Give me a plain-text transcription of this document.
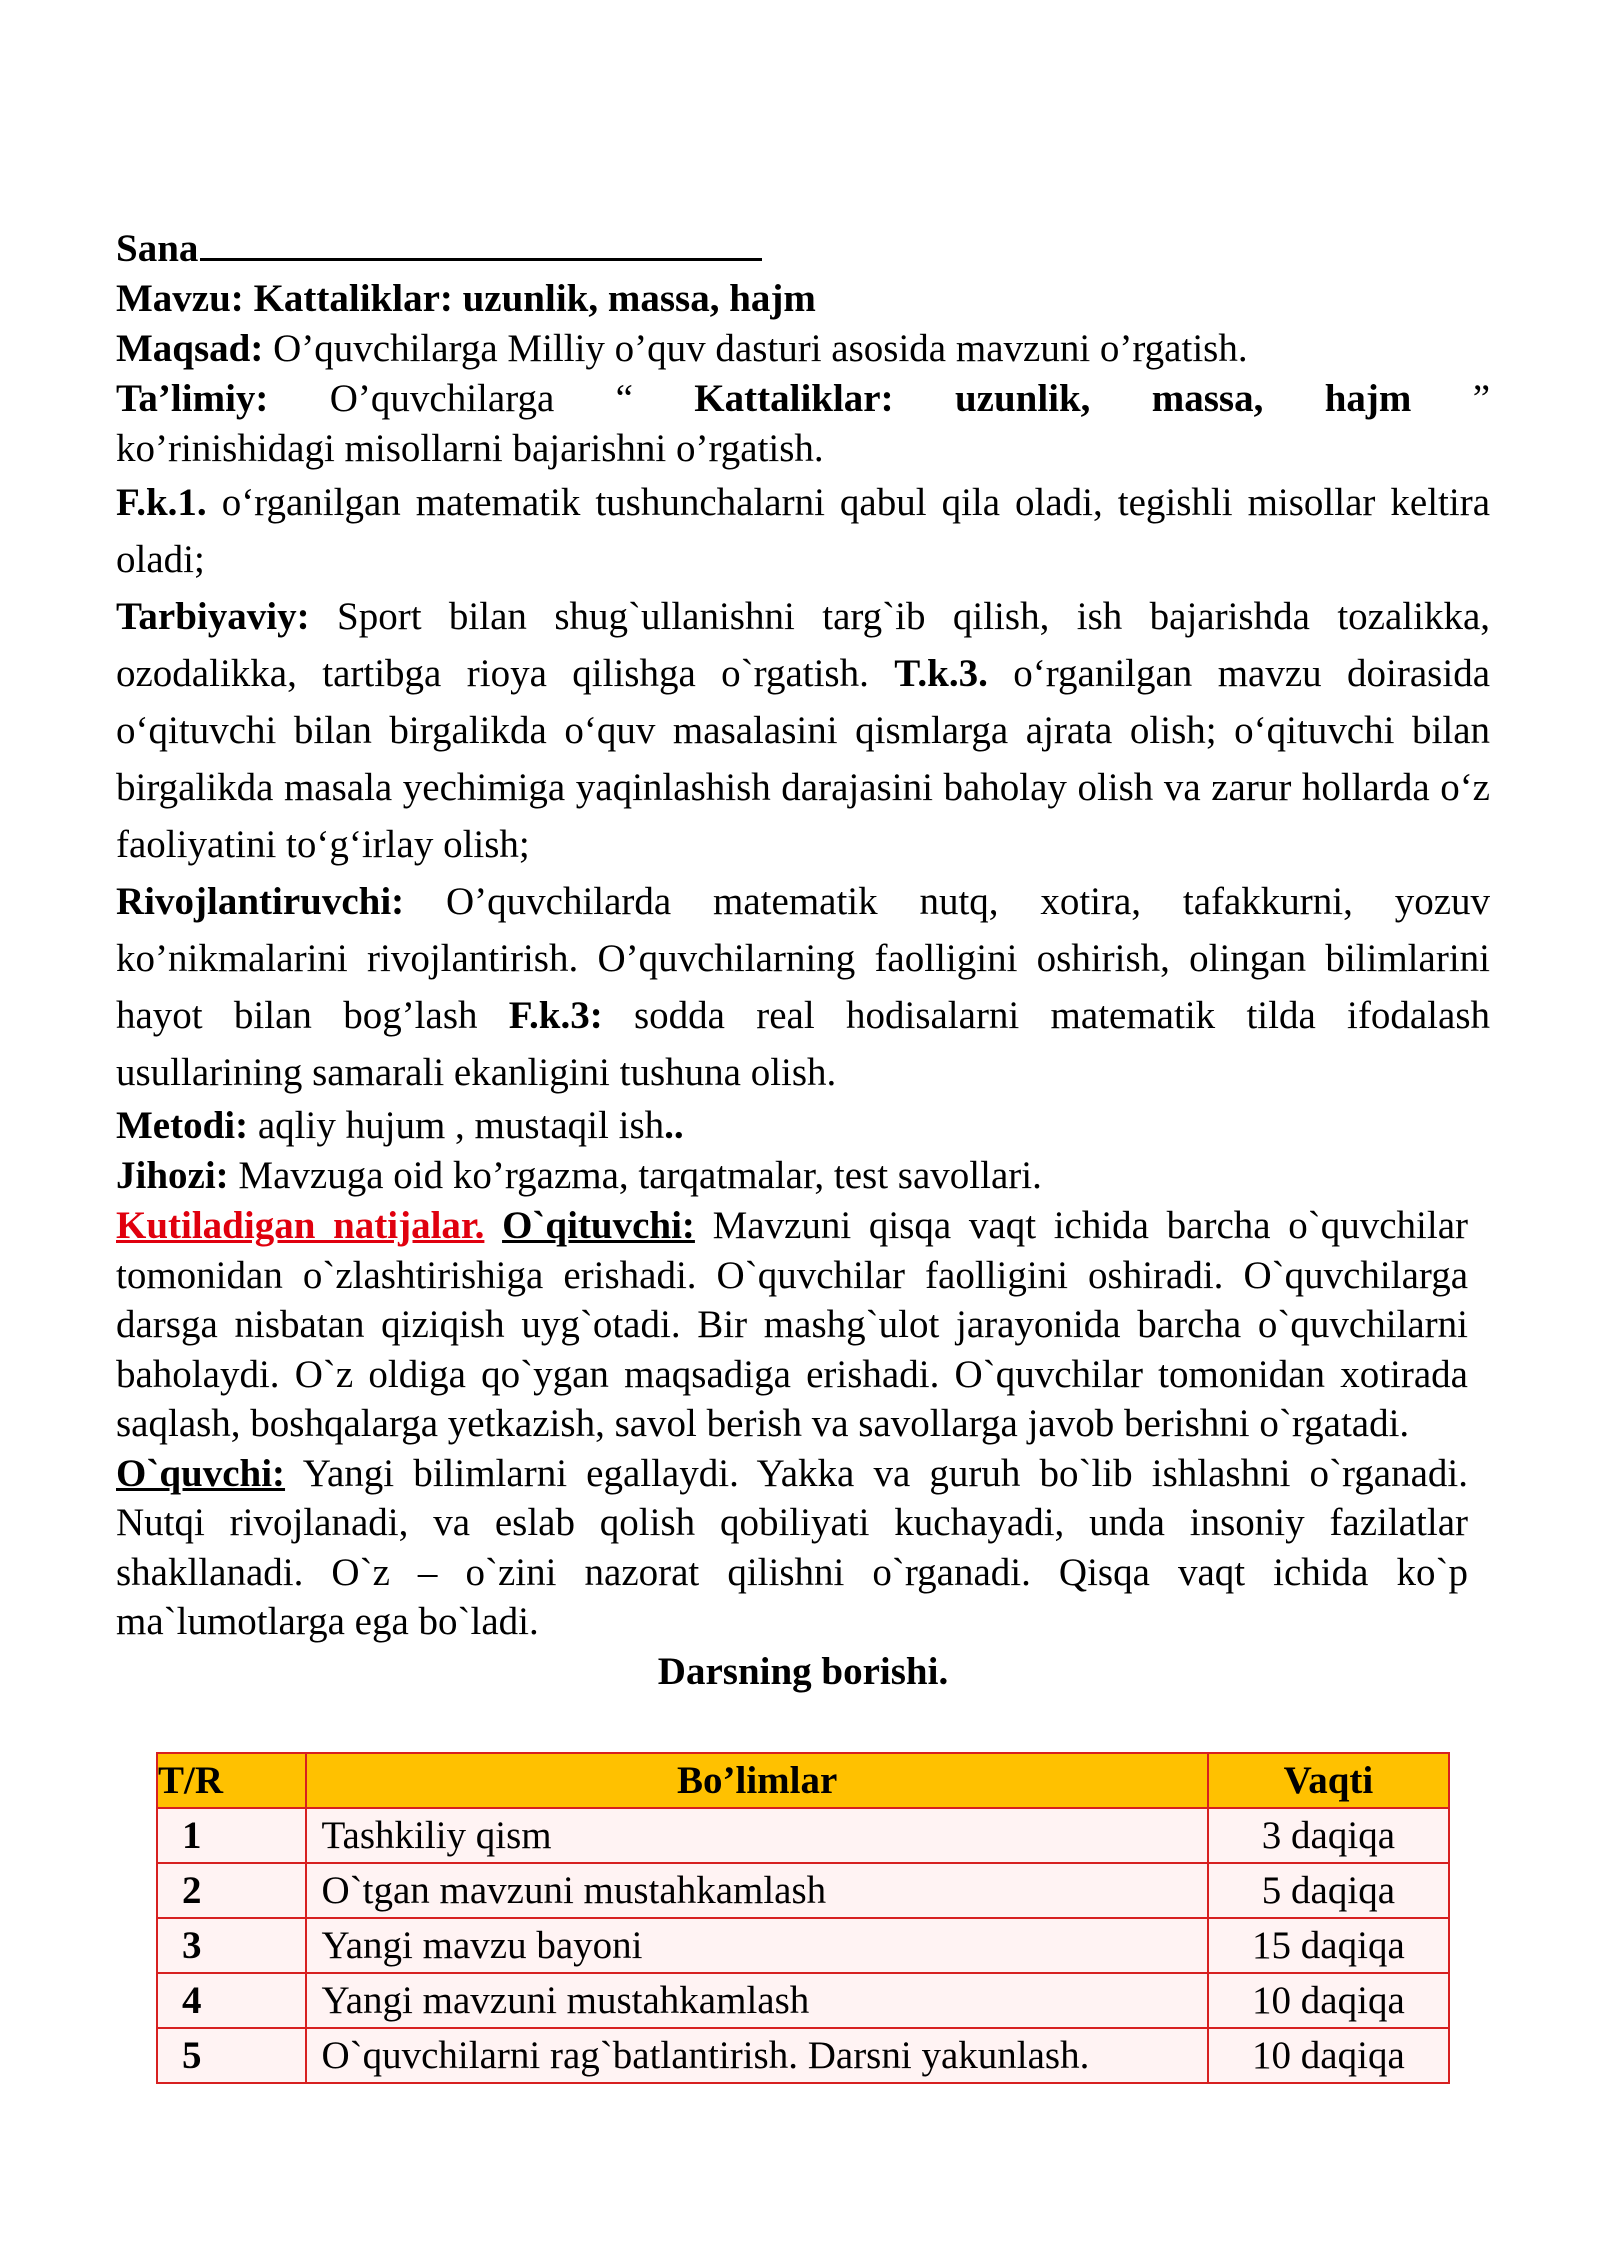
Sana

Mavzu: Kattaliklar: uzunlik, massa, hajm

Maqsad: O’quvchilarga Milliy o’quv dasturi asosida mavzuni o’rgatish.

Ta’limiy: O’quvchilarga “ Kattaliklar: uzunlik, massa, hajm ”

ko’rinishidagi misollarni bajarishni o’rgatish.

F.k.1. o‘rganilgan matematik tushunchalarni qabul qila oladi, tegishli misollar keltira oladi;

Tarbiyaviy: Sport bilan shug`ullanishni targ`ib qilish, ish bajarishda tozalikka, ozodalikka, tartibga rioya qilishga o`rgatish. T.k.3. o‘rganilgan mavzu doirasida o‘qituvchi bilan birgalikda o‘quv masalasini qismlarga ajrata olish; o‘qituvchi bilan birgalikda masala yechimiga yaqinlashish darajasini baholay olish va zarur hollarda o‘z faoliyatini to‘g‘irlay olish;

Rivojlantiruvchi: O’quvchilarda matematik nutq, xotira, tafakkurni, yozuv ko’nikmalarini rivojlantirish. O’quvchilarning faolligini oshirish, olingan bilimlarini hayot bilan bog’lash F.k.3: sodda real hodisalarni matematik tilda ifodalash usullarining samarali ekanligini tushuna olish.

Metodi: aqliy hujum , mustaqil ish..

Jihozi: Mavzuga oid ko’rgazma, tarqatmalar, test savollari.

Kutiladigan natijalar. O`qituvchi: Mavzuni qisqa vaqt ichida barcha o`quvchilar tomonidan o`zlashtirishiga erishadi. O`quvchilar faolligini oshiradi. O`quvchilarga darsga nisbatan qiziqish uyg`otadi. Bir mashg`ulot jarayonida barcha o`quvchilarni baholaydi. O`z oldiga qo`ygan maqsadiga erishadi. O`quvchilar tomonidan xotirada saqlash, boshqalarga yetkazish, savol berish va savollarga javob berishni o`rgatadi.

O`quvchi: Yangi bilimlarni egallaydi. Yakka va guruh bo`lib ishlashni o`rganadi. Nutqi rivojlanadi, va eslab qolish qobiliyati kuchayadi, unda insoniy fazilatlar shakllanadi. O`z – o`zini nazorat qilishni o`rganadi. Qisqa vaqt ichida ko`p ma`lumotlarga ega bo`ladi.

Darsning borishi.

T/R	Bo’limlar	Vaqti
1	Tashkiliy qism	3 daqiqa
2	O`tgan mavzuni mustahkamlash	5 daqiqa
3	Yangi mavzu bayoni	15 daqiqa
4	Yangi mavzuni mustahkamlash	10 daqiqa
5	O`quvchilarni rag`batlantirish. Darsni yakunlash.	10 daqiqa
